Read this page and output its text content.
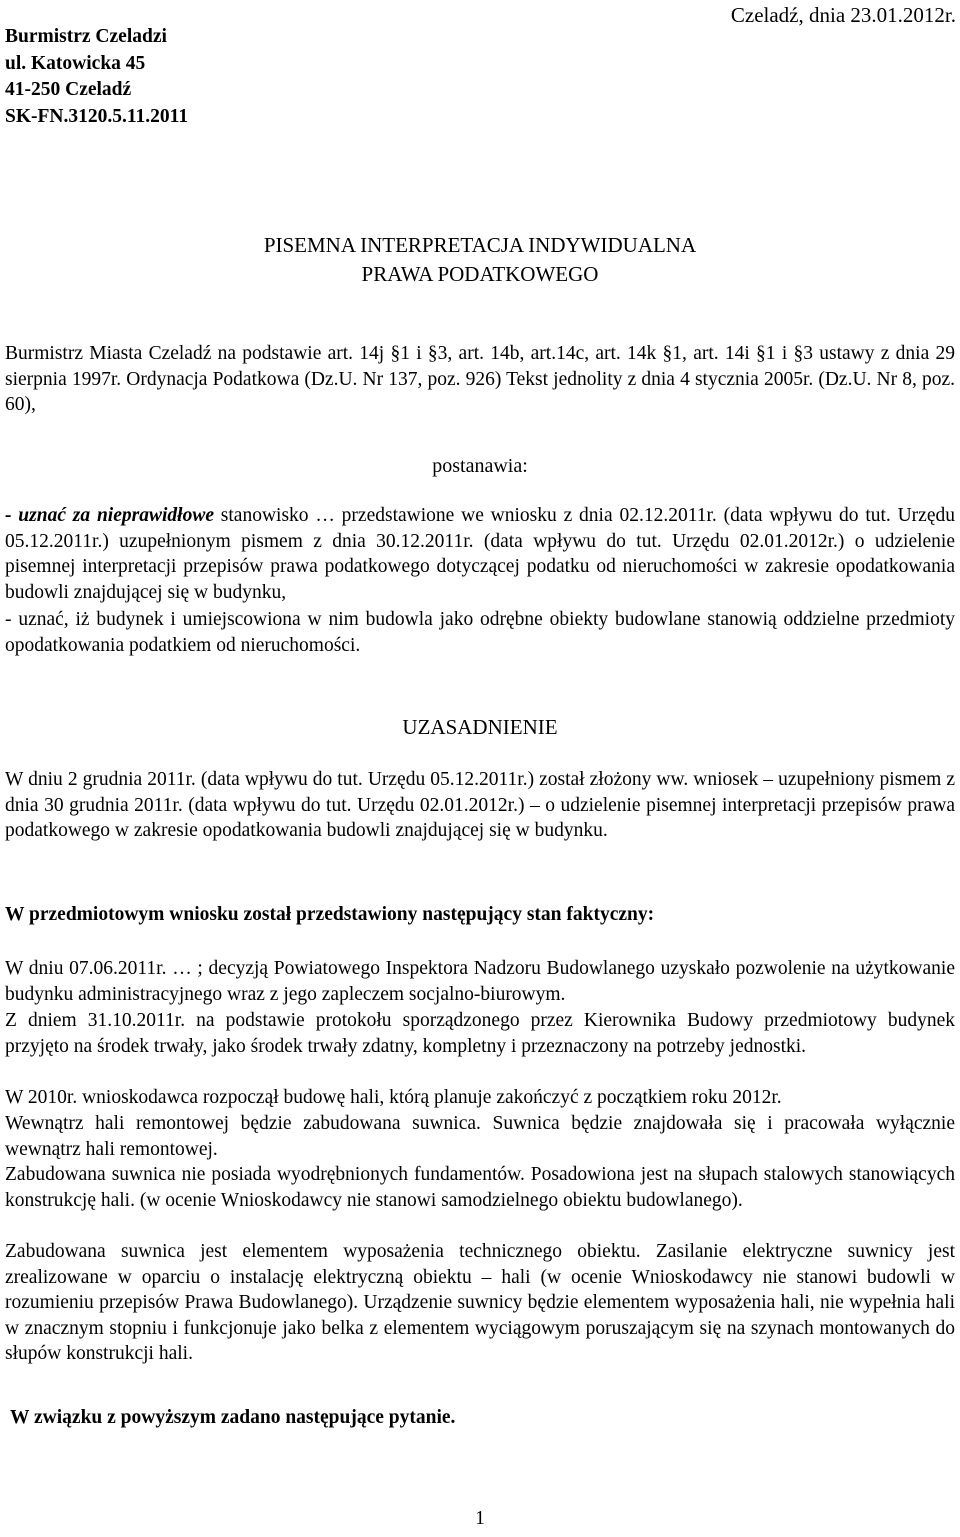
Burmistrz Czeladzi
ul. Katowicka 45
41-250 Czeladź
SK-FN.3120.5.11.2011
Czeladź, dnia 23.01.2012r.
PISEMNA INTERPRETACJA INDYWIDUALNA
PRAWA PODATKOWEGO

Burmistrz Miasta Czeladź na podstawie art. 14j §1 i §3, art. 14b, art.14c, art. 14k §1, art. 14i §1 i §3 ustawy z dnia 29 sierpnia 1997r. Ordynacja Podatkowa (Dz.U. Nr 137, poz. 926) Tekst jednolity z dnia 4 stycznia 2005r. (Dz.U. Nr 8, poz. 60),

postanawia:

- uznać za nieprawidłowe stanowisko … przedstawione we wniosku z dnia 02.12.2011r. (data wpływu do tut. Urzędu 05.12.2011r.) uzupełnionym pismem z dnia 30.12.2011r. (data wpływu do tut. Urzędu 02.01.2012r.) o udzielenie pisemnej interpretacji przepisów prawa podatkowego dotyczącej podatku od nieruchomości w zakresie opodatkowania budowli znajdującej się w budynku,

- uznać, iż budynek i umiejscowiona w nim budowla jako odrębne obiekty budowlane stanowią oddzielne przedmioty opodatkowania podatkiem od nieruchomości.

UZASADNIENIE

W dniu 2 grudnia 2011r. (data wpływu do tut. Urzędu 05.12.2011r.) został złożony ww. wniosek – uzupełniony pismem z dnia 30 grudnia 2011r. (data wpływu do tut. Urzędu 02.01.2012r.) – o udzielenie pisemnej interpretacji przepisów prawa podatkowego w zakresie opodatkowania budowli znajdującej się w budynku.

W przedmiotowym wniosku został przedstawiony następujący stan faktyczny:

W dniu 07.06.2011r. … ; decyzją Powiatowego Inspektora Nadzoru Budowlanego uzyskało pozwolenie na użytkowanie budynku administracyjnego wraz z jego zapleczem socjalno-biurowym.

Z dniem 31.10.2011r. na podstawie protokołu sporządzonego przez Kierownika Budowy przedmiotowy budynek przyjęto na środek trwały, jako środek trwały zdatny, kompletny i przeznaczony na potrzeby jednostki.

W 2010r. wnioskodawca rozpoczął budowę hali, którą planuje zakończyć z początkiem roku 2012r.

Wewnątrz hali remontowej będzie zabudowana suwnica. Suwnica będzie znajdowała się i pracowała wyłącznie wewnątrz hali remontowej.

Zabudowana suwnica nie posiada wyodrębnionych fundamentów. Posadowiona jest na słupach stalowych stanowiących konstrukcję hali. (w ocenie Wnioskodawcy nie stanowi samodzielnego obiektu budowlanego).

Zabudowana suwnica jest elementem wyposażenia technicznego obiektu. Zasilanie elektryczne suwnicy jest zrealizowane w oparciu o instalację elektryczną obiektu – hali (w ocenie Wnioskodawcy nie stanowi budowli w rozumieniu przepisów Prawa Budowlanego). Urządzenie suwnicy będzie elementem wyposażenia hali, nie wypełnia hali w znacznym stopniu i funkcjonuje jako belka z elementem wyciągowym poruszającym się na szynach montowanych do słupów konstrukcji hali.

W związku z powyższym zadano następujące pytanie.

1
